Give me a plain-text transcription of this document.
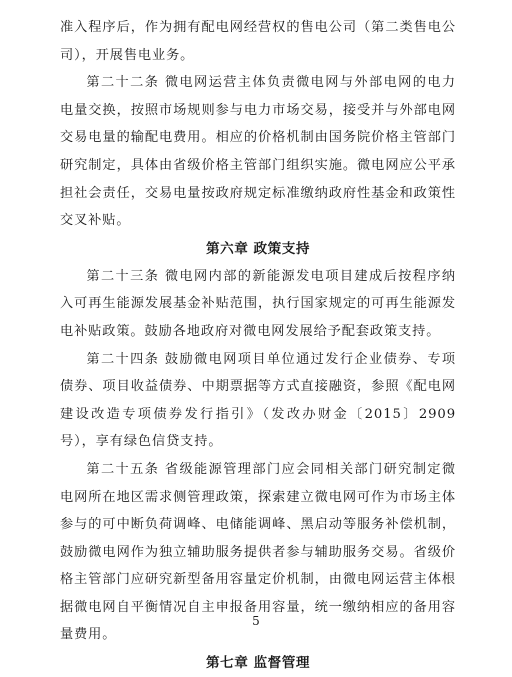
准入程序后，作为拥有配电网经营权的售电公司（第二类售电公司），开展售电业务。

第二十二条 微电网运营主体负责微电网与外部电网的电力电量交换，按照市场规则参与电力市场交易，接受并与外部电网交易电量的输配电费用。相应的价格机制由国务院价格主管部门研究制定，具体由省级价格主管部门组织实施。微电网应公平承担社会责任，交易电量按政府规定标准缴纳政府性基金和政策性交叉补贴。

第六章 政策支持

第二十三条 微电网内部的新能源发电项目建成后按程序纳入可再生能源发展基金补贴范围，执行国家规定的可再生能源发电补贴政策。鼓励各地政府对微电网发展给予配套政策支持。

第二十四条 鼓励微电网项目单位通过发行企业债券、专项债券、项目收益债券、中期票据等方式直接融资，参照《配电网建设改造专项债券发行指引》（发改办财金〔2015〕2909 号），享有绿色信贷支持。

第二十五条 省级能源管理部门应会同相关部门研究制定微电网所在地区需求侧管理政策，探索建立微电网可作为市场主体参与的可中断负荷调峰、电储能调峰、黑启动等服务补偿机制，鼓励微电网作为独立辅助服务提供者参与辅助服务交易。省级价格主管部门应研究新型备用容量定价机制，由微电网运营主体根据微电网自平衡情况自主申报备用容量，统一缴纳相应的备用容量费用。

第七章 监督管理
5
